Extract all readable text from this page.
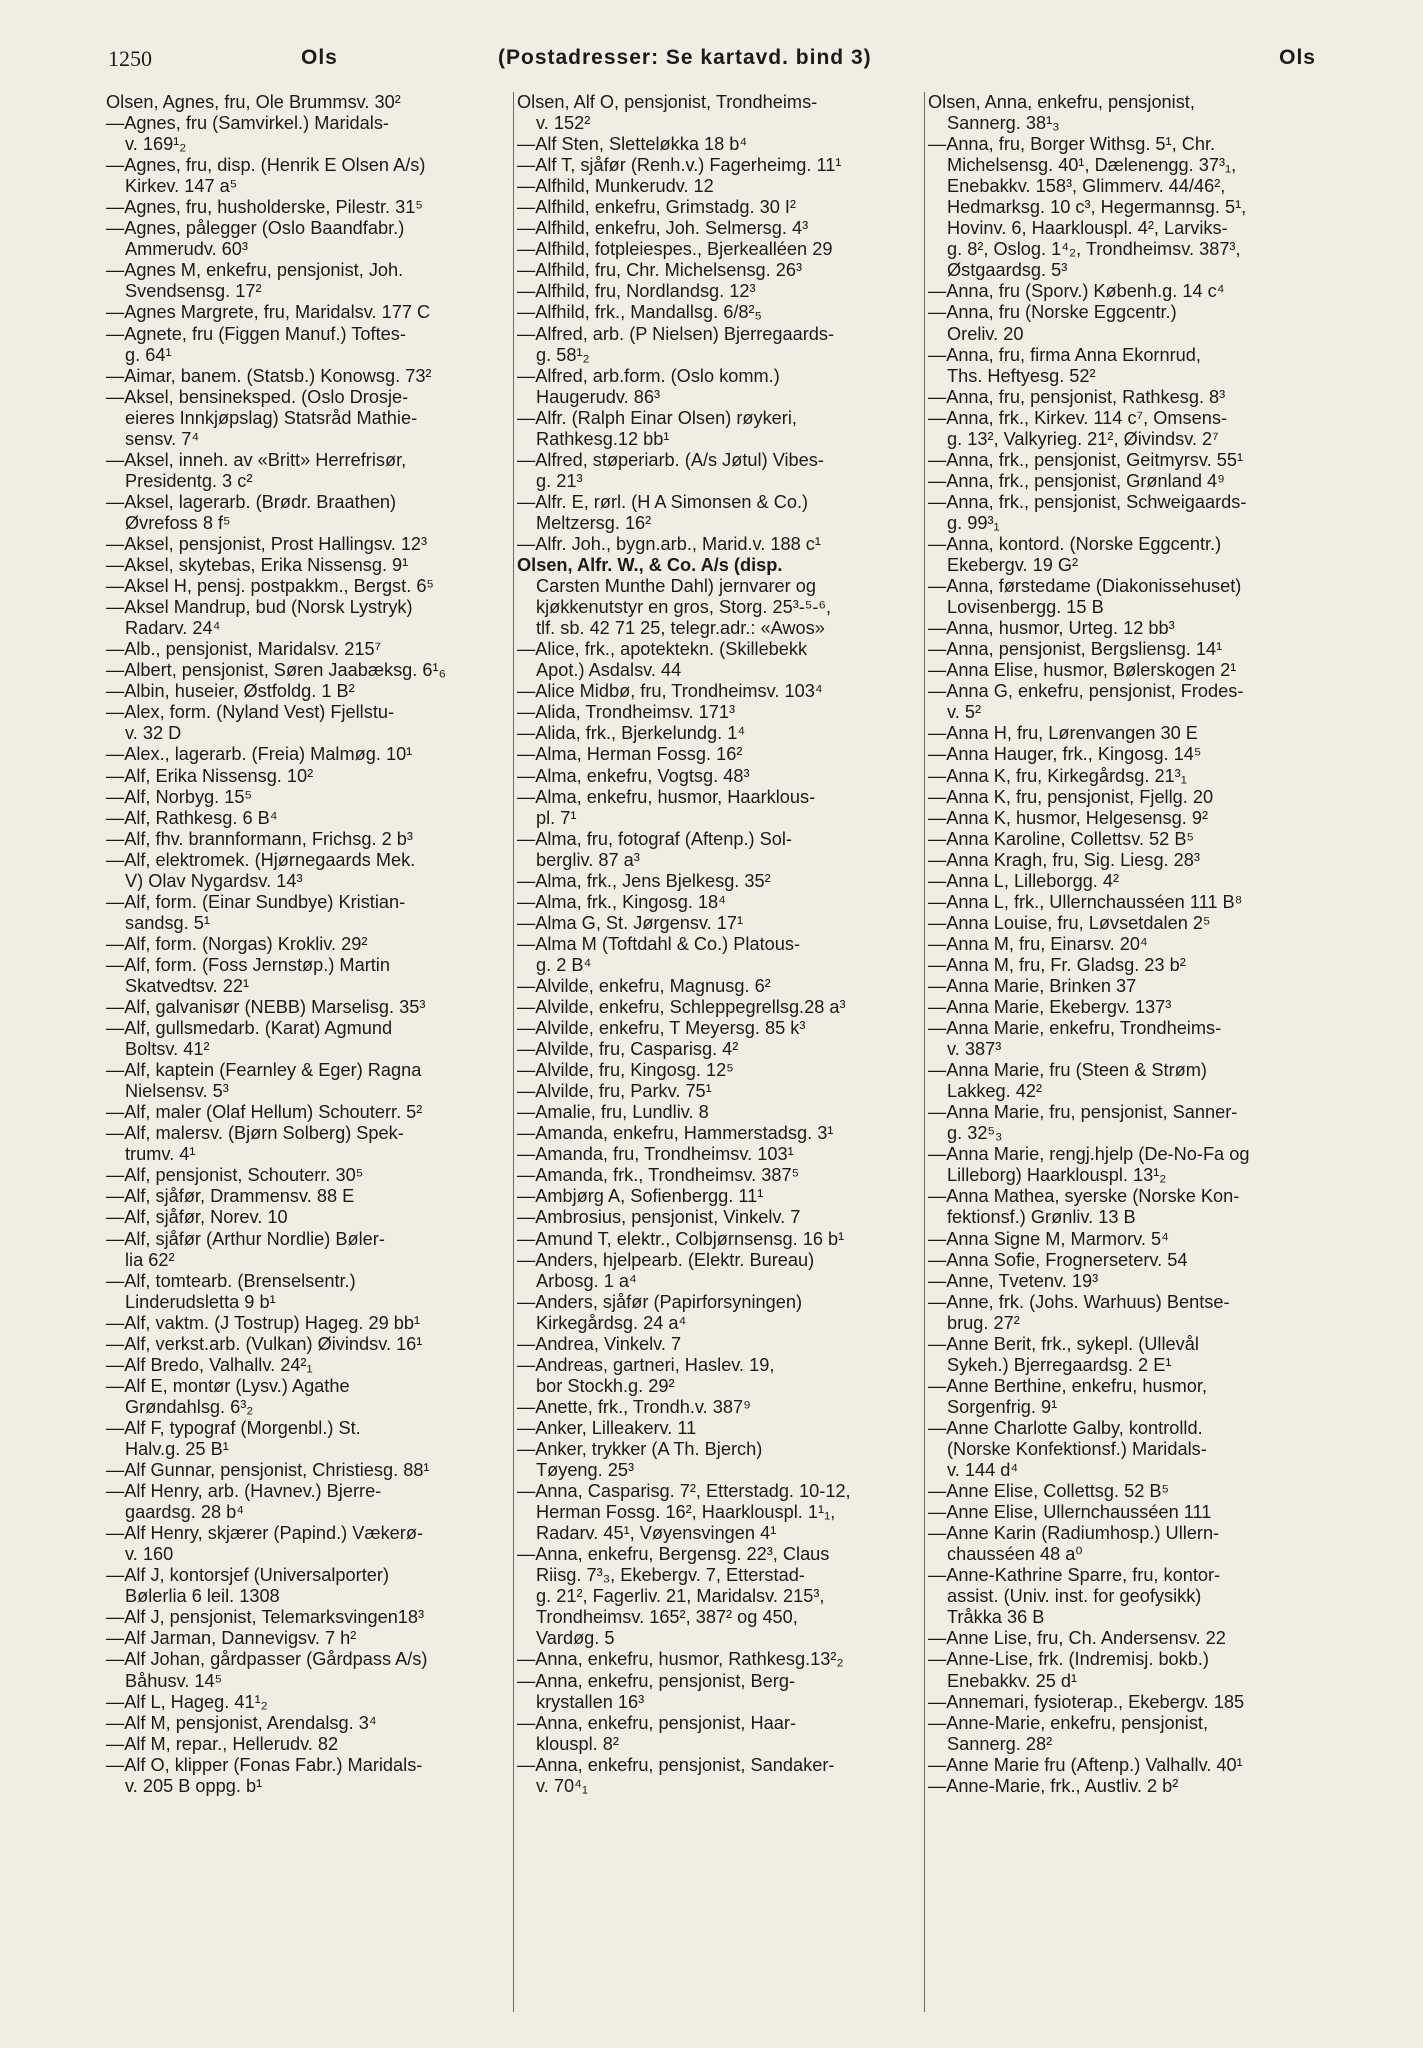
1250	Ols	(Postadresser: Se kartavd. bind 3)	Ols
Olsen, Agnes, fru, Ole Brummsv. 30²
—Agnes, fru (Samvirkel.) Maridals-
v. 169¹₂
—Agnes, fru, disp. (Henrik E Olsen A/s)
Kirkev. 147 a⁵
—Agnes, fru, husholderske, Pilestr. 31⁵
—Agnes, pålegger (Oslo Baandfabr.)
Ammerudv. 60³
—Agnes M, enkefru, pensjonist, Joh.
Svendsensg. 17²
—Agnes Margrete, fru, Maridalsv. 177 C
—Agnete, fru (Figgen Manuf.) Toftes-
g. 64¹
—Aimar, banem. (Statsb.) Konowsg. 73²
—Aksel, bensineksped. (Oslo Drosje-
eieres Innkjøpslag) Statsråd Mathie-
sensv. 7⁴
—Aksel, inneh. av «Britt» Herrefrisør,
Presidentg. 3 c²
—Aksel, lagerarb. (Brødr. Braathen)
Øvrefoss 8 f⁵
—Aksel, pensjonist, Prost Hallingsv. 12³
—Aksel, skytebas, Erika Nissensg. 9¹
—Aksel H, pensj. postpakkm., Bergst. 6⁵
—Aksel Mandrup, bud (Norsk Lystryk)
Radarv. 24⁴
—Alb., pensjonist, Maridalsv. 215⁷
—Albert, pensjonist, Søren Jaabæksg. 6¹₆
—Albin, huseier, Østfoldg. 1 B²
—Alex, form. (Nyland Vest) Fjellstu-
v. 32 D
—Alex., lagerarb. (Freia) Malmøg. 10¹
—Alf, Erika Nissensg. 10²
—Alf, Norbyg. 15⁵
—Alf, Rathkesg. 6 B⁴
—Alf, fhv. brannformann, Frichsg. 2 b³
—Alf, elektromek. (Hjørnegaards Mek.
V) Olav Nygardsv. 14³
—Alf, form. (Einar Sundbye) Kristian-
sandsg. 5¹
—Alf, form. (Norgas) Krokliv. 29²
—Alf, form. (Foss Jernstøp.) Martin
Skatvedtsv. 22¹
—Alf, galvanisør (NEBB) Marselisg. 35³
—Alf, gullsmedarb. (Karat) Agmund
Boltsv. 41²
—Alf, kaptein (Fearnley & Eger) Ragna
Nielsensv. 5³
—Alf, maler (Olaf Hellum) Schouterr. 5²
—Alf, malersv. (Bjørn Solberg) Spek-
trumv. 4¹
—Alf, pensjonist, Schouterr. 30⁵
—Alf, sjåfør, Drammensv. 88 E
—Alf, sjåfør, Norev. 10
—Alf, sjåfør (Arthur Nordlie) Bøler-
lia 62²
—Alf, tomtearb. (Brenselsentr.)
Linderudsletta 9 b¹
—Alf, vaktm. (J Tostrup) Hageg. 29 bb¹
—Alf, verkst.arb. (Vulkan) Øivindsv. 16¹
—Alf Bredo, Valhallv. 24²₁
—Alf E, montør (Lysv.) Agathe
Grøndahlsg. 6³₂
—Alf F, typograf (Morgenbl.) St.
Halv.g. 25 B¹
—Alf Gunnar, pensjonist, Christiesg. 88¹
—Alf Henry, arb. (Havnev.) Bjerre-
gaardsg. 28 b⁴
—Alf Henry, skjærer (Papind.) Vækerø-
v. 160
—Alf J, kontorsjef (Universalporter)
Bølerlia 6 leil. 1308
—Alf J, pensjonist, Telemarksvingen18³
—Alf Jarman, Dannevigsv. 7 h²
—Alf Johan, gårdpasser (Gårdpass A/s)
Båhusv. 14⁵
—Alf L, Hageg. 41¹₂
—Alf M, pensjonist, Arendalsg. 3⁴
—Alf M, repar., Hellerudv. 82
—Alf O, klipper (Fonas Fabr.) Maridals-
v. 205 B oppg. b¹
Olsen, Alf O, pensjonist, Trondheims-
v. 152²
—Alf Sten, Sletteløkka 18 b⁴
—Alf T, sjåfør (Renh.v.) Fagerheimg. 11¹
—Alfhild, Munkerudv. 12
—Alfhild, enkefru, Grimstadg. 30 I²
—Alfhild, enkefru, Joh. Selmersg. 4³
—Alfhild, fotpleiespes., Bjerkealléen 29
—Alfhild, fru, Chr. Michelsensg. 26³
—Alfhild, fru, Nordlandsg. 12³
—Alfhild, frk., Mandallsg. 6/8²₅
—Alfred, arb. (P Nielsen) Bjerregaards-
g. 58¹₂
—Alfred, arb.form. (Oslo komm.)
Haugerudv. 86³
—Alfr. (Ralph Einar Olsen) røykeri,
Rathkesg.12 bb¹
—Alfred, støperiarb. (A/s Jøtul) Vibes-
g. 21³
—Alfr. E, rørl. (H A Simonsen & Co.)
Meltzersg. 16²
—Alfr. Joh., bygn.arb., Marid.v. 188 c¹
Olsen, Alfr. W., & Co. A/s (disp.
Carsten Munthe Dahl) jernvarer og
kjøkkenutstyr en gros, Storg. 25³-⁵-⁶,
tlf. sb. 42 71 25, telegr.adr.: «Awos»
—Alice, frk., apotektekn. (Skillebekk
Apot.) Asdalsv. 44
—Alice Midbø, fru, Trondheimsv. 103⁴
—Alida, Trondheimsv. 171³
—Alida, frk., Bjerkelundg. 1⁴
—Alma, Herman Fossg. 16²
—Alma, enkefru, Vogtsg. 48³
—Alma, enkefru, husmor, Haarklous-
pl. 7¹
—Alma, fru, fotograf (Aftenp.) Sol-
bergliv. 87 a³
—Alma, frk., Jens Bjelkesg. 35²
—Alma, frk., Kingosg. 18⁴
—Alma G, St. Jørgensv. 17¹
—Alma M (Toftdahl & Co.) Platous-
g. 2 B⁴
—Alvilde, enkefru, Magnusg. 6²
—Alvilde, enkefru, Schleppegrellsg.28 a³
—Alvilde, enkefru, T Meyersg. 85 k³
—Alvilde, fru, Casparisg. 4²
—Alvilde, fru, Kingosg. 12⁵
—Alvilde, fru, Parkv. 75¹
—Amalie, fru, Lundliv. 8
—Amanda, enkefru, Hammerstadsg. 3¹
—Amanda, fru, Trondheimsv. 103¹
—Amanda, frk., Trondheimsv. 387⁵
—Ambjørg A, Sofienbergg. 11¹
—Ambrosius, pensjonist, Vinkelv. 7
—Amund T, elektr., Colbjørnsensg. 16 b¹
—Anders, hjelpearb. (Elektr. Bureau)
Arbosg. 1 a⁴
—Anders, sjåfør (Papirforsyningen)
Kirkegårdsg. 24 a⁴
—Andrea, Vinkelv. 7
—Andreas, gartneri, Haslev. 19,
bor Stockh.g. 29²
—Anette, frk., Trondh.v. 387⁹
—Anker, Lilleakerv. 11
—Anker, trykker (A Th. Bjerch)
Tøyeng. 25³
—Anna, Casparisg. 7², Etterstadg. 10-12,
Herman Fossg. 16², Haarklouspl. 1¹₁,
Radarv. 45¹, Vøyensvingen 4¹
—Anna, enkefru, Bergensg. 22³, Claus
Riisg. 7³₃, Ekebergv. 7, Etterstad-
g. 21², Fagerliv. 21, Maridalsv. 215³,
Trondheimsv. 165², 387² og 450,
Vardøg. 5
—Anna, enkefru, husmor, Rathkesg.13²₂
—Anna, enkefru, pensjonist, Berg-
krystallen 16³
—Anna, enkefru, pensjonist, Haar-
klouspl. 8²
—Anna, enkefru, pensjonist, Sandaker-
v. 70⁴₁
Olsen, Anna, enkefru, pensjonist,
Sannerg. 38¹₃
—Anna, fru, Borger Withsg. 5¹, Chr.
Michelsensg. 40¹, Dælenengg. 37³₁,
Enebakkv. 158³, Glimmerv. 44/46²,
Hedmarksg. 10 c³, Hegermannsg. 5¹,
Hovinv. 6, Haarklouspl. 4², Larviks-
g. 8², Oslog. 1⁴₂, Trondheimsv. 387³,
Østgaardsg. 5³
—Anna, fru (Sporv.) Københ.g. 14 c⁴
—Anna, fru (Norske Eggcentr.)
Oreliv. 20
—Anna, fru, firma Anna Ekornrud,
Ths. Heftyesg. 52²
—Anna, fru, pensjonist, Rathkesg. 8³
—Anna, frk., Kirkev. 114 c⁷, Omsens-
g. 13², Valkyrieg. 21², Øivindsv. 2⁷
—Anna, frk., pensjonist, Geitmyrsv. 55¹
—Anna, frk., pensjonist, Grønland 4⁹
—Anna, frk., pensjonist, Schweigaards-
g. 99³₁
—Anna, kontord. (Norske Eggcentr.)
Ekebergv. 19 G²
—Anna, førstedame (Diakonissehuset)
Lovisenbergg. 15 B
—Anna, husmor, Urteg. 12 bb³
—Anna, pensjonist, Bergsliensg. 14¹
—Anna Elise, husmor, Bølerskogen 2¹
—Anna G, enkefru, pensjonist, Frodes-
v. 5²
—Anna H, fru, Lørenvangen 30 E
—Anna Hauger, frk., Kingosg. 14⁵
—Anna K, fru, Kirkegårdsg. 21³₁
—Anna K, fru, pensjonist, Fjellg. 20
—Anna K, husmor, Helgesensg. 9²
—Anna Karoline, Collettsv. 52 B⁵
—Anna Kragh, fru, Sig. Liesg. 28³
—Anna L, Lilleborgg. 4²
—Anna L, frk., Ullernchausséen 111 B⁸
—Anna Louise, fru, Løvsetdalen 2⁵
—Anna M, fru, Einarsv. 20⁴
—Anna M, fru, Fr. Gladsg. 23 b²
—Anna Marie, Brinken 37
—Anna Marie, Ekebergv. 137³
—Anna Marie, enkefru, Trondheims-
v. 387³
—Anna Marie, fru (Steen & Strøm)
Lakkeg. 42²
—Anna Marie, fru, pensjonist, Sanner-
g. 32⁵₃
—Anna Marie, rengj.hjelp (De-No-Fa og
Lilleborg) Haarklouspl. 13¹₂
—Anna Mathea, syerske (Norske Kon-
fektionsf.) Grønliv. 13 B
—Anna Signe M, Marmorv. 5⁴
—Anna Sofie, Frognerseterv. 54
—Anne, Tvetenv. 19³
—Anne, frk. (Johs. Warhuus) Bentse-
brug. 27²
—Anne Berit, frk., sykepl. (Ullevål
Sykeh.) Bjerregaardsg. 2 E¹
—Anne Berthine, enkefru, husmor,
Sorgenfrig. 9¹
—Anne Charlotte Galby, kontrolld.
(Norske Konfektionsf.) Maridals-
v. 144 d⁴
—Anne Elise, Collettsg. 52 B⁵
—Anne Elise, Ullernchausséen 111
—Anne Karin (Radiumhosp.) Ullern-
chausséen 48 a⁰
—Anne-Kathrine Sparre, fru, kontor-
assist. (Univ. inst. for geofysikk)
Tråkka 36 B
—Anne Lise, fru, Ch. Andersensv. 22
—Anne-Lise, frk. (Indremisj. bokb.)
Enebakkv. 25 d¹
—Annemari, fysioterap., Ekebergv. 185
—Anne-Marie, enkefru, pensjonist,
Sannerg. 28²
—Anne Marie fru (Aftenp.) Valhallv. 40¹
—Anne-Marie, frk., Austliv. 2 b²
